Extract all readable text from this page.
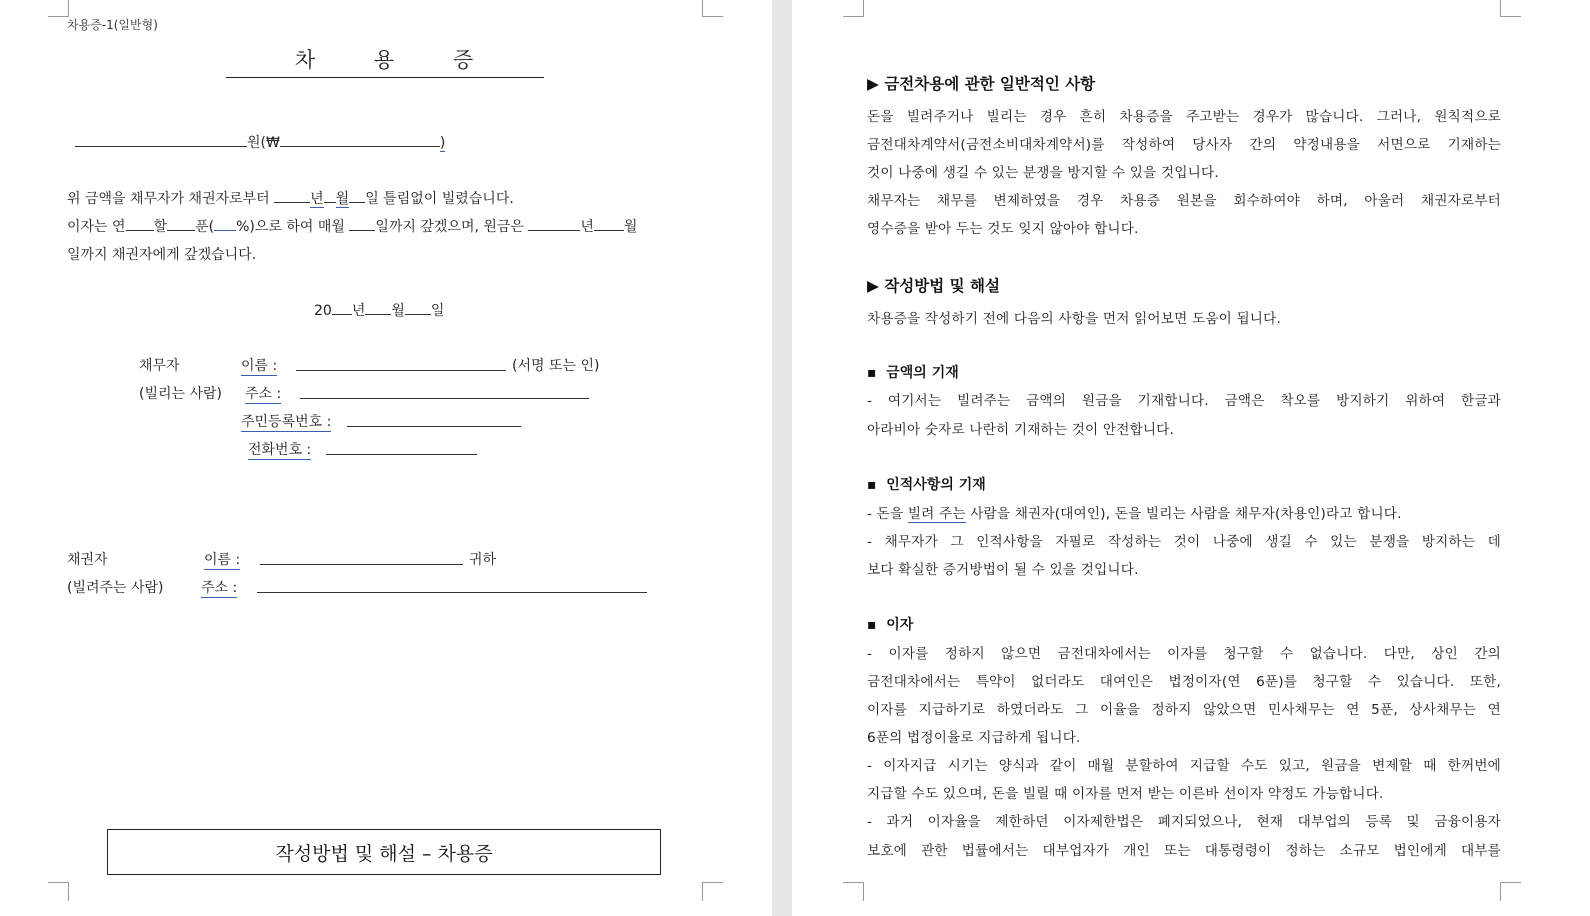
차용증-1(일반형)
차 용 증
원(₩	)
위 금액을 채무자가 채권자로부터	년 월 일 틀림없이 빌렸습니다.
이자는 연 할 푼( %)으로 하여 매월 일까지 갚겠으며, 원금은	년 월
일까지 채권자에게 갚겠습니다.
20 년 월 일
채무자	이름 :	(서명 또는 인)
(빌리는 사람) 주소 :
주민등록번호 :
전화번호 :
채권자	이름 :	귀하
(빌려주는 사람)	주소 :
작성방법 및 해설 – 차용증
▶ 금전차용에 관한 일반적인 사항
돈을 빌려주거나 빌리는 경우 흔히 차용증을 주고받는 경우가 많습니다. 그러나, 원칙적으로
금전대차계약서(금전소비대차계약서)를 작성하여 당사자 간의 약정내용을 서면으로 기재하는
것이 나중에 생길 수 있는 분쟁을 방지할 수 있을 것입니다.
채무자는 채무를 변제하였을 경우 차용증 원본을 회수하여야 하며, 아울러 채권자로부터
영수증을 받아 두는 것도 잊지 않아야 합니다.
▶ 작성방법 및 해설
차용증을 작성하기 전에 다음의 사항을 먼저 읽어보면 도움이 됩니다.
▪ 금액의 기재
- 여기서는 빌려주는 금액의 원금을 기재합니다. 금액은 착오를 방지하기 위하여 한글과
아라비아 숫자로 나란히 기재하는 것이 안전합니다.
▪ 인적사항의 기재
- 돈을 빌려 주는 사람을 채권자(대여인), 돈을 빌리는 사람을 채무자(차용인)라고 합니다.
- 채무자가 그 인적사항을 자필로 작성하는 것이 나중에 생길 수 있는 분쟁을 방지하는 데
보다 확실한 증거방법이 될 수 있을 것입니다.
▪ 이자
- 이자를 정하지 않으면 금전대차에서는 이자를 청구할 수 없습니다. 다만, 상인 간의
금전대차에서는 특약이 없더라도 대여인은 법정이자(연 6푼)를 청구할 수 있습니다. 또한,
이자를 지급하기로 하였더라도 그 이율을 정하지 않았으면 민사채무는 연 5푼, 상사채무는 연
6푼의 법정이율로 지급하게 됩니다.
- 이자지급 시기는 양식과 같이 매월 분할하여 지급할 수도 있고, 원금을 변제할 때 한꺼번에
지급할 수도 있으며, 돈을 빌릴 때 이자를 먼저 받는 이른바 선이자 약정도 가능합니다.
- 과거 이자율을 제한하던 이자제한법은 폐지되었으나, 현재 대부업의 등록 및 금융이용자
보호에 관한 법률에서는 대부업자가 개인 또는 대통령령이 정하는 소규모 법인에게 대부를
